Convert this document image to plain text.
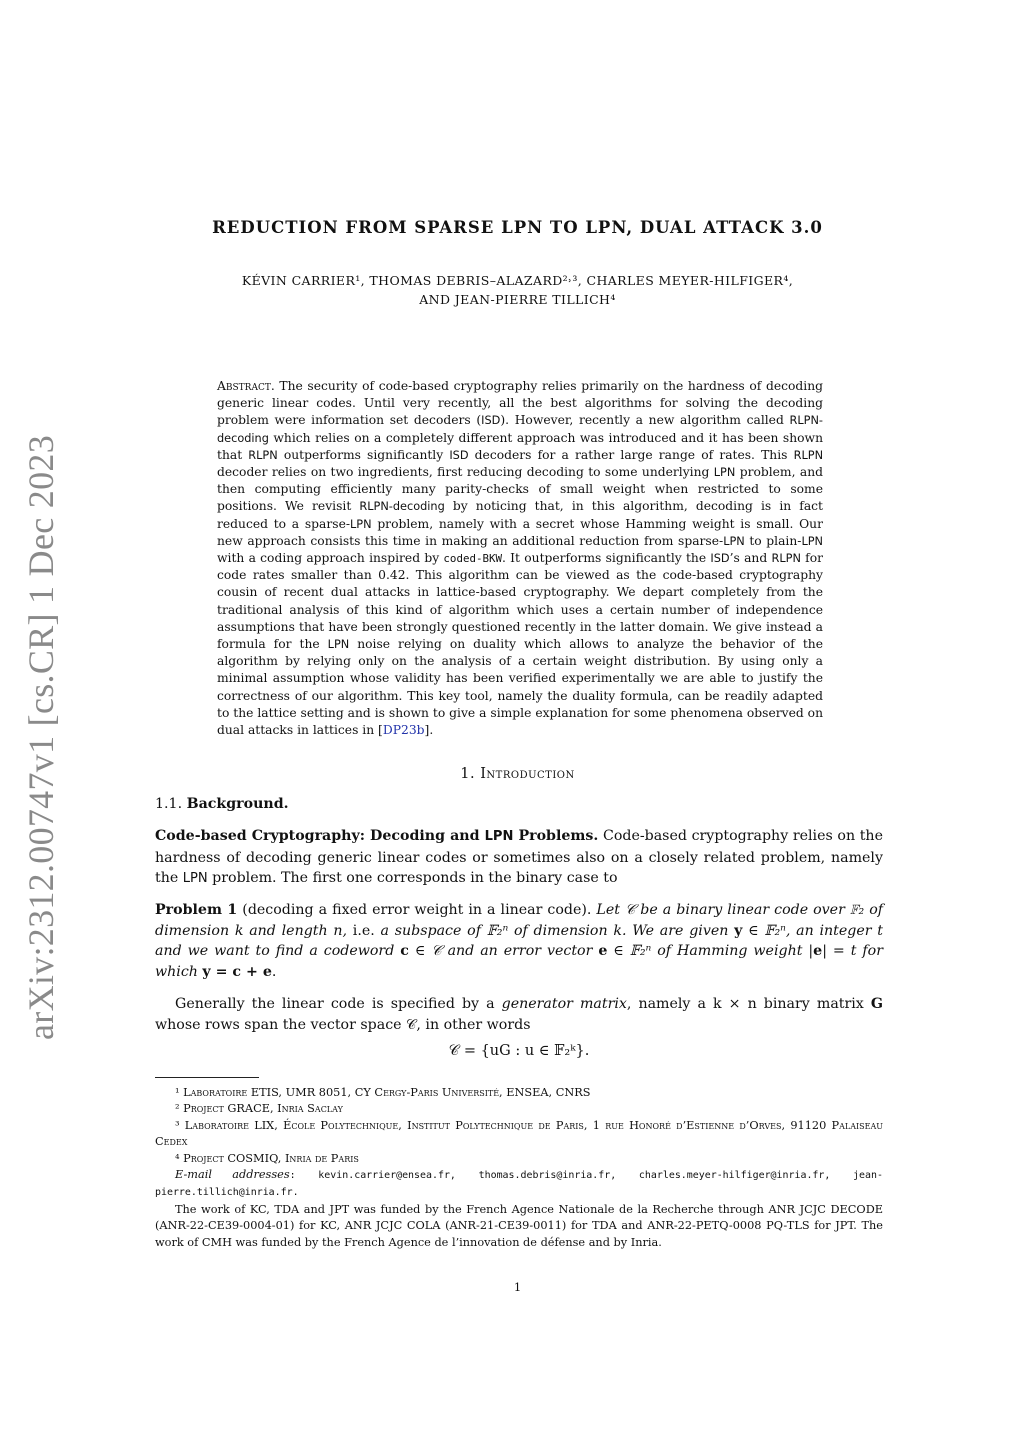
arXiv:2312.00747v1 [cs.CR] 1 Dec 2023
REDUCTION FROM SPARSE LPN TO LPN, DUAL ATTACK 3.0
KÉVIN CARRIER¹, THOMAS DEBRIS–ALAZARD²˒³, CHARLES MEYER-HILFIGER⁴,
AND JEAN-PIERRE TILLICH⁴
Abstract. The security of code-based cryptography relies primarily on the hardness of decoding generic linear codes. Until very recently, all the best algorithms for solving the decoding problem were information set decoders (ISD). However, recently a new algorithm called RLPN-decoding which relies on a completely different approach was introduced and it has been shown that RLPN outperforms significantly ISD decoders for a rather large range of rates. This RLPN decoder relies on two ingredients, first reducing decoding to some underlying LPN problem, and then computing efficiently many parity-checks of small weight when restricted to some positions. We revisit RLPN-decoding by noticing that, in this algorithm, decoding is in fact reduced to a sparse-LPN problem, namely with a secret whose Hamming weight is small. Our new approach consists this time in making an additional reduction from sparse-LPN to plain-LPN with a coding approach inspired by coded-BKW. It outperforms significantly the ISD’s and RLPN for code rates smaller than 0.42. This algorithm can be viewed as the code-based cryptography cousin of recent dual attacks in lattice-based cryptography. We depart completely from the traditional analysis of this kind of algorithm which uses a certain number of independence assumptions that have been strongly questioned recently in the latter domain. We give instead a formula for the LPN noise relying on duality which allows to analyze the behavior of the algorithm by relying only on the analysis of a certain weight distribution. By using only a minimal assumption whose validity has been verified experimentally we are able to justify the correctness of our algorithm. This key tool, namely the duality formula, can be readily adapted to the lattice setting and is shown to give a simple explanation for some phenomena observed on dual attacks in lattices in [DP23b].
1. Introduction
1.1. Background.
Code-based Cryptography: Decoding and LPN Problems. Code-based cryptography relies on the hardness of decoding generic linear codes or sometimes also on a closely related problem, namely the LPN problem. The first one corresponds in the binary case to
Problem 1 (decoding a fixed error weight in a linear code). Let 𝒞 be a binary linear code over 𝔽₂ of dimension k and length n, i.e. a subspace of 𝔽₂ⁿ of dimension k. We are given y ∈ 𝔽₂ⁿ, an integer t and we want to find a codeword c ∈ 𝒞 and an error vector e ∈ 𝔽₂ⁿ of Hamming weight |e| = t for which y = c + e.
Generally the linear code is specified by a generator matrix, namely a k × n binary matrix G whose rows span the vector space 𝒞, in other words
𝒞 = {uG : u ∈ 𝔽₂ᵏ}.
¹ Laboratoire ETIS, UMR 8051, CY Cergy-Paris Université, ENSEA, CNRS
² Project GRACE, Inria Saclay
³ Laboratoire LIX, École Polytechnique, Institut Polytechnique de Paris, 1 rue Honoré d’Estienne d’Orves, 91120 Palaiseau Cedex
⁴ Project COSMIQ, Inria de Paris
E-mail addresses: kevin.carrier@ensea.fr, thomas.debris@inria.fr, charles.meyer-hilfiger@inria.fr, jean-pierre.tillich@inria.fr.
The work of KC, TDA and JPT was funded by the French Agence Nationale de la Recherche through ANR JCJC DECODE (ANR-22-CE39-0004-01) for KC, ANR JCJC COLA (ANR-21-CE39-0011) for TDA and ANR-22-PETQ-0008 PQ-TLS for JPT. The work of CMH was funded by the French Agence de l’innovation de défense and by Inria.
1
